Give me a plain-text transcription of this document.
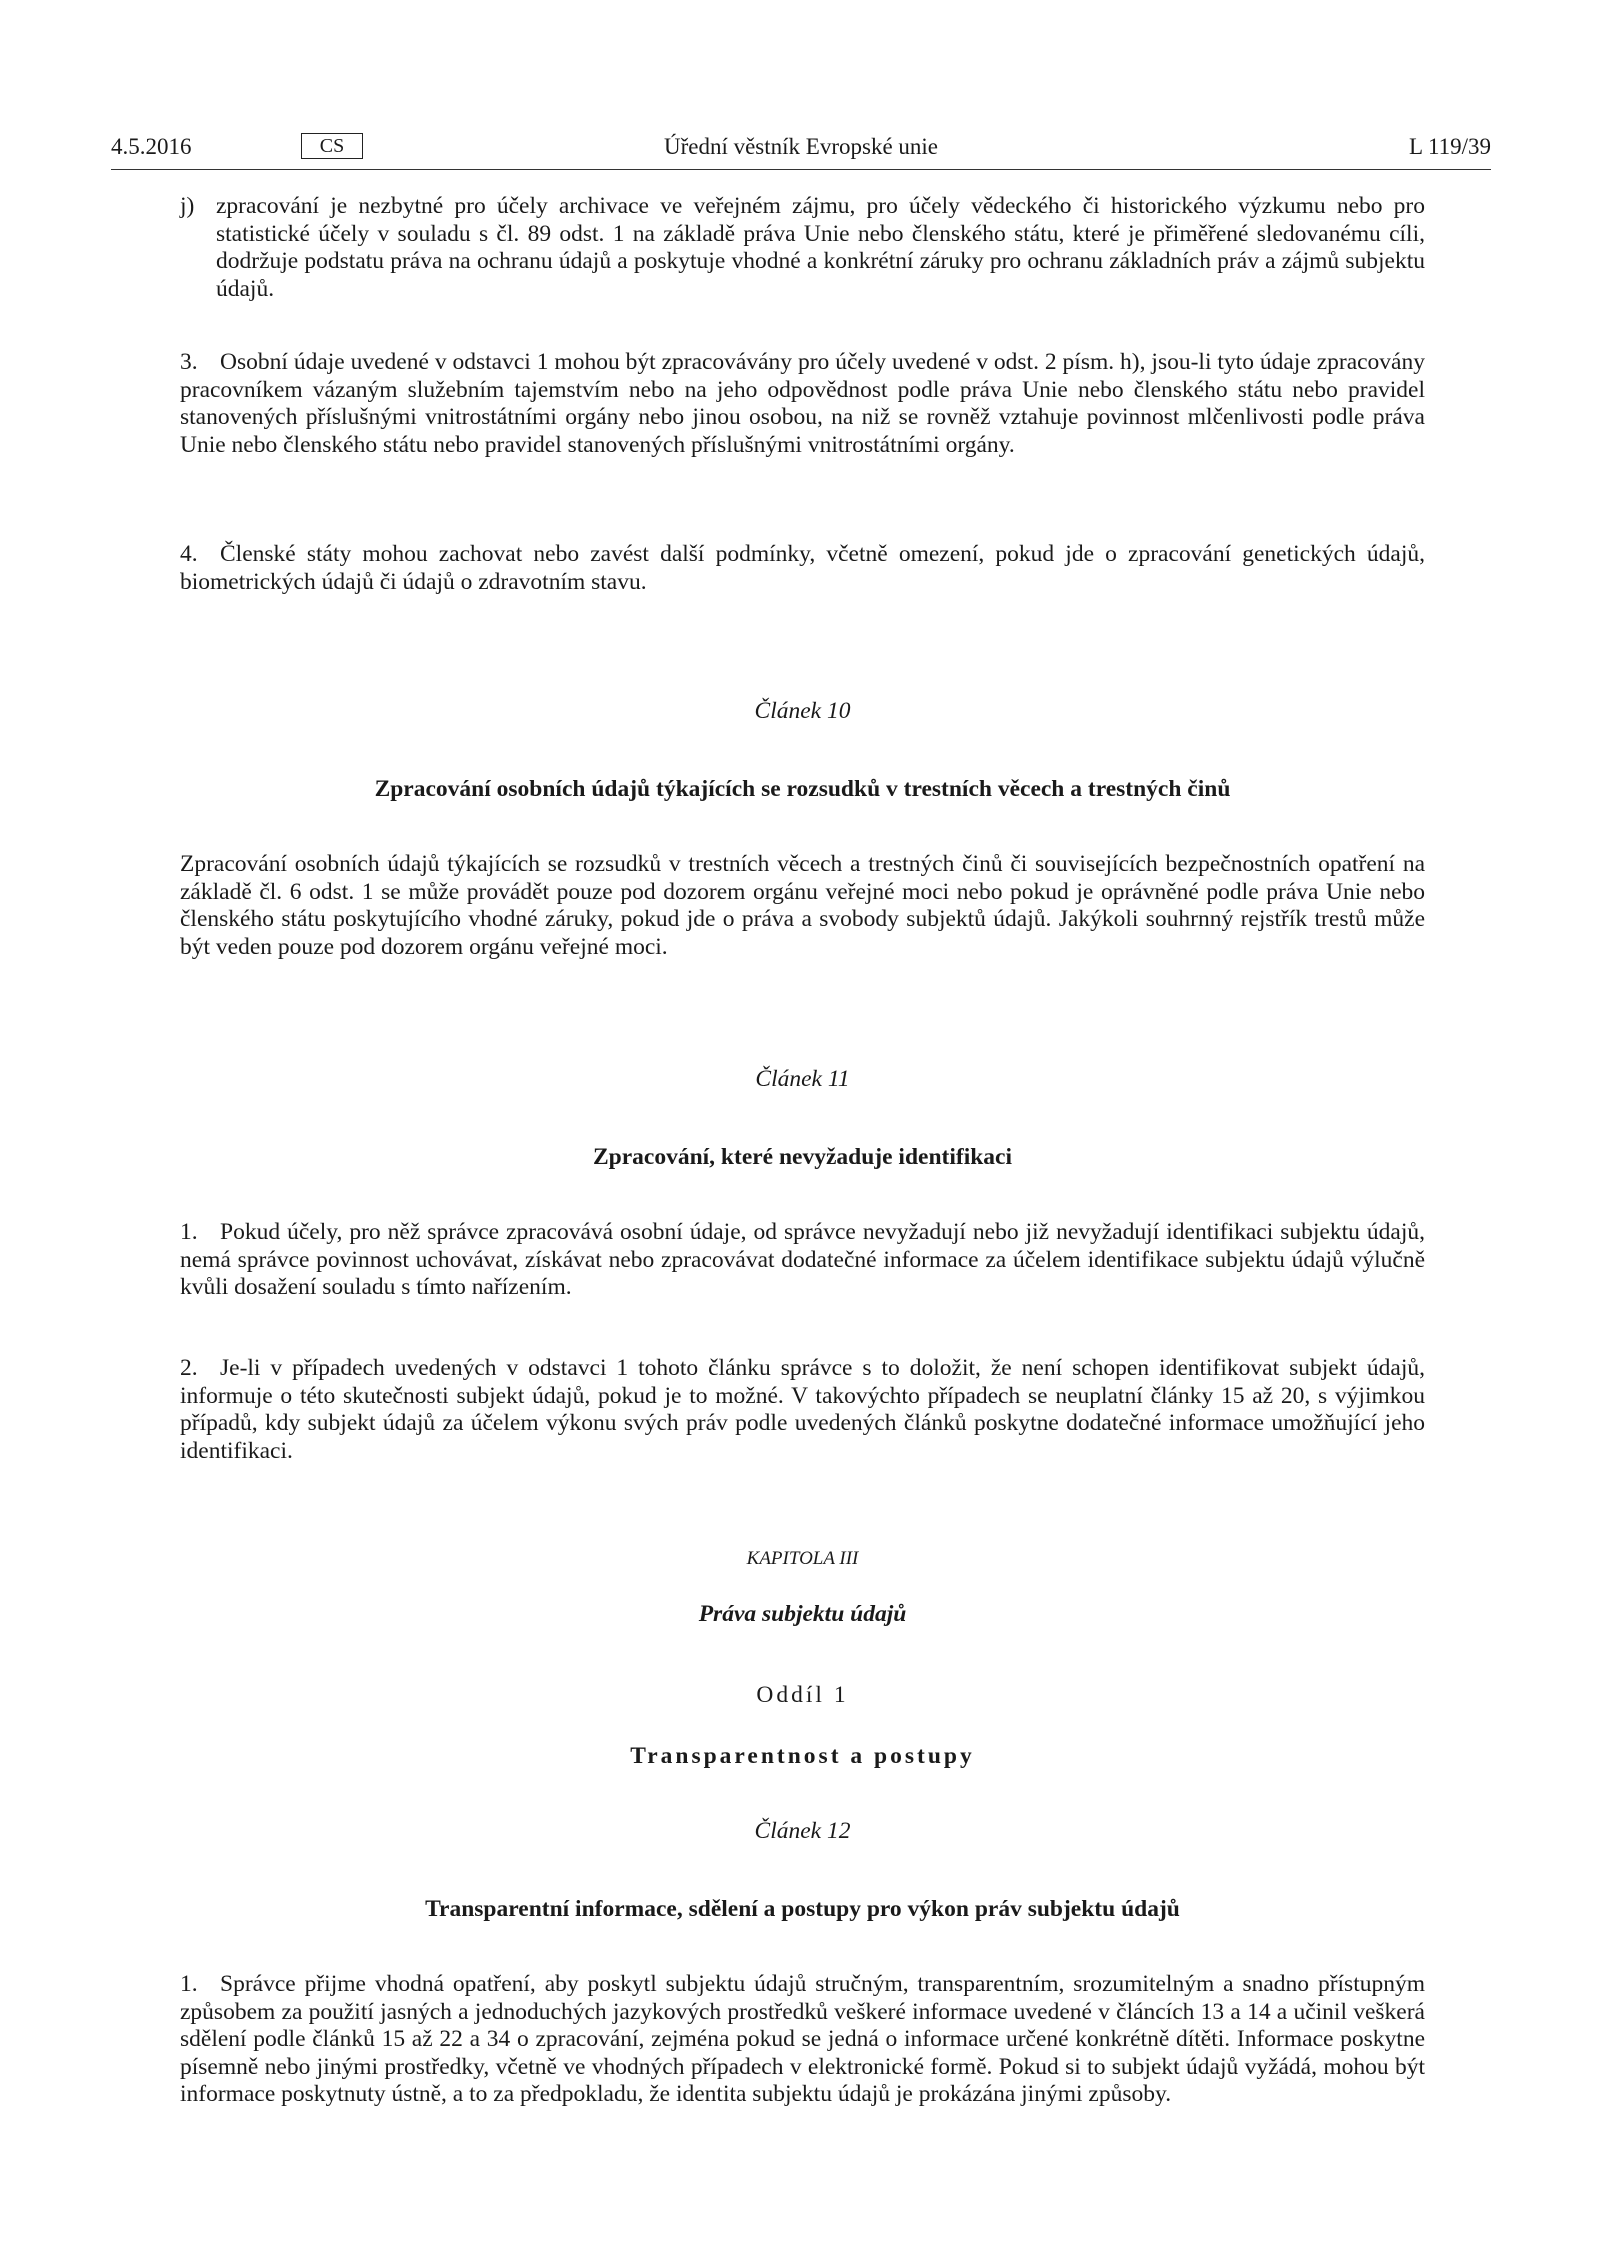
4.5.2016	CS	Úřední věstník Evropské unie	L 119/39
j) zpracování je nezbytné pro účely archivace ve veřejném zájmu, pro účely vědeckého či historického výzkumu nebo pro statistické účely v souladu s čl. 89 odst. 1 na základě práva Unie nebo členského státu, které je přiměřené sledovanému cíli, dodržuje podstatu práva na ochranu údajů a poskytuje vhodné a konkrétní záruky pro ochranu základních práv a zájmů subjektu údajů.
3. Osobní údaje uvedené v odstavci 1 mohou být zpracovávány pro účely uvedené v odst. 2 písm. h), jsou-li tyto údaje zpracovány pracovníkem vázaným služebním tajemstvím nebo na jeho odpovědnost podle práva Unie nebo členského státu nebo pravidel stanovených příslušnými vnitrostátními orgány nebo jinou osobou, na niž se rovněž vztahuje povinnost mlčenlivosti podle práva Unie nebo členského státu nebo pravidel stanovených příslušnými vnitrostátními orgány.
4. Členské státy mohou zachovat nebo zavést další podmínky, včetně omezení, pokud jde o zpracování genetických údajů, biometrických údajů či údajů o zdravotním stavu.
Článek 10
Zpracování osobních údajů týkajících se rozsudků v trestních věcech a trestných činů
Zpracování osobních údajů týkajících se rozsudků v trestních věcech a trestných činů či souvisejících bezpečnostních opatření na základě čl. 6 odst. 1 se může provádět pouze pod dozorem orgánu veřejné moci nebo pokud je oprávněné podle práva Unie nebo členského státu poskytujícího vhodné záruky, pokud jde o práva a svobody subjektů údajů. Jakýkoli souhrnný rejstřík trestů může být veden pouze pod dozorem orgánu veřejné moci.
Článek 11
Zpracování, které nevyžaduje identifikaci
1. Pokud účely, pro něž správce zpracovává osobní údaje, od správce nevyžadují nebo již nevyžadují identifikaci subjektu údajů, nemá správce povinnost uchovávat, získávat nebo zpracovávat dodatečné informace za účelem identifikace subjektu údajů výlučně kvůli dosažení souladu s tímto nařízením.
2. Je-li v případech uvedených v odstavci 1 tohoto článku správce s to doložit, že není schopen identifikovat subjekt údajů, informuje o této skutečnosti subjekt údajů, pokud je to možné. V takovýchto případech se neuplatní články 15 až 20, s výjimkou případů, kdy subjekt údajů za účelem výkonu svých práv podle uvedených článků poskytne dodatečné informace umožňující jeho identifikaci.
KAPITOLA III
Práva subjektu údajů
Oddíl 1
Transparentnost a postupy
Článek 12
Transparentní informace, sdělení a postupy pro výkon práv subjektu údajů
1. Správce přijme vhodná opatření, aby poskytl subjektu údajů stručným, transparentním, srozumitelným a snadno přístupným způsobem za použití jasných a jednoduchých jazykových prostředků veškeré informace uvedené v článcích 13 a 14 a učinil veškerá sdělení podle článků 15 až 22 a 34 o zpracování, zejména pokud se jedná o informace určené konkrétně dítěti. Informace poskytne písemně nebo jinými prostředky, včetně ve vhodných případech v elektronické formě. Pokud si to subjekt údajů vyžádá, mohou být informace poskytnuty ústně, a to za předpokladu, že identita subjektu údajů je prokázána jinými způsoby.
